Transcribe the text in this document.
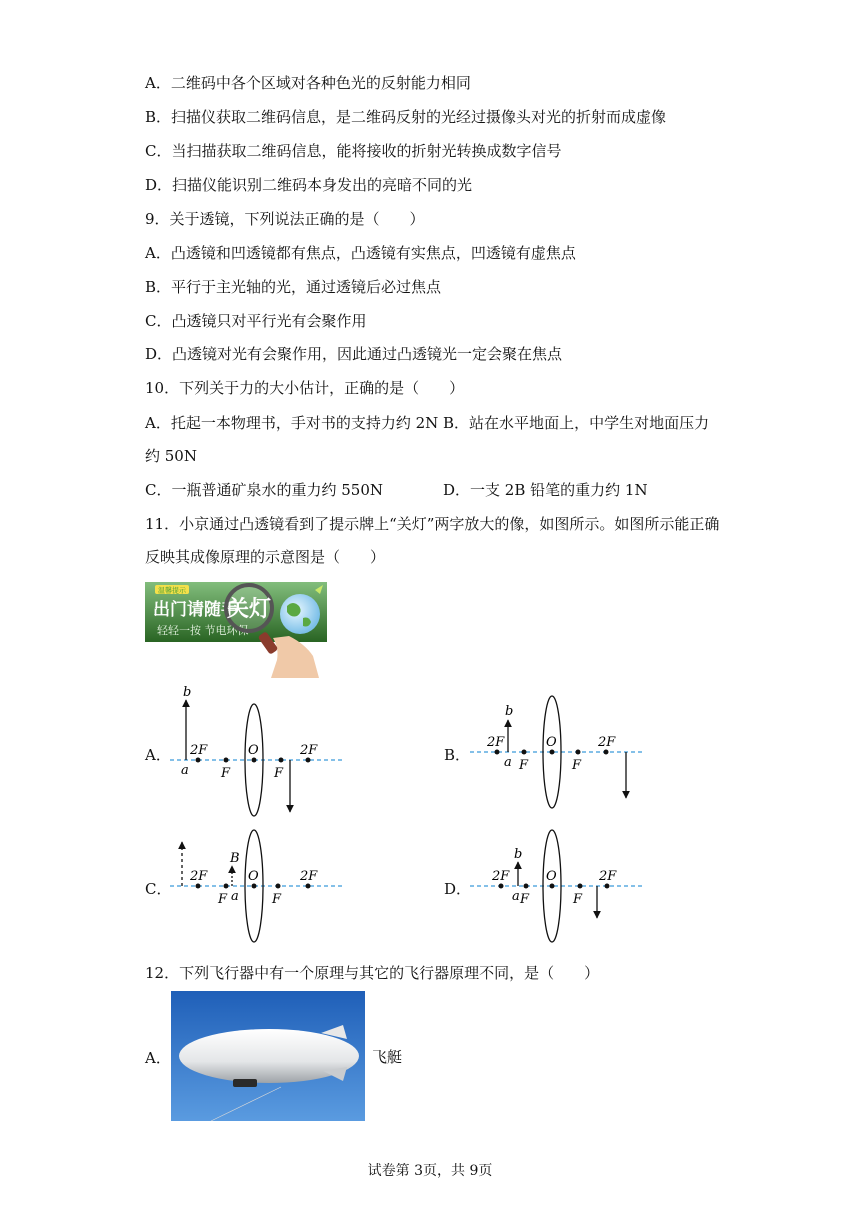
A．二维码中各个区域对各种色光的反射能力相同
B．扫描仪获取二维码信息，是二维码反射的光经过摄像头对光的折射而成虚像
C．当扫描获取二维码信息，能将接收的折射光转换成数字信号
D．扫描仪能识别二维码本身发出的亮暗不同的光
9．关于透镜，下列说法正确的是（　　）
A．凸透镜和凹透镜都有焦点，凸透镜有实焦点，凹透镜有虚焦点
B．平行于主光轴的光，通过透镜后必过焦点
C．凸透镜只对平行光有会聚作用
D．凸透镜对光有会聚作用，因此通过凸透镜光一定会聚在焦点
10．下列关于力的大小估计，正确的是（　　）
A．托起一本物理书，手对书的支持力约 2N B．站在水平地面上，中学生对地面压力
约 50N
C．一瓶普通矿泉水的重力约 550N	D．一支 2B 铅笔的重力约 1N
11．小京通过凸透镜看到了提示牌上“关灯”两字放大的像，如图所示。如图所示能正确
反映其成像原理的示意图是（　　）
温馨提示
出门请随手
轻轻一按 节电环保
关灯
A．	B．
C．	D．
b
a
2F
F
O
F
2F
b
a
2F
F
O
F
2F
B
a
2F
F
O
F
2F
b
a
2F
F
O
F
2F
12．下列飞行器中有一个原理与其它的飞行器原理不同，是（　　）
A．	飞艇
试卷第 3页，共 9页
